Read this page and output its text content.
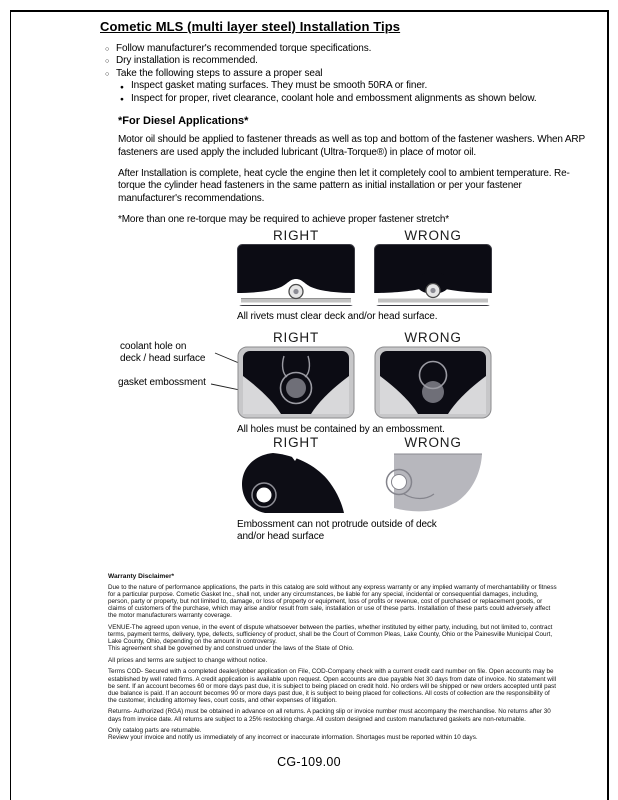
Cometic MLS (multi layer steel) Installation Tips
○ Follow manufacturer's recommended torque specifications.
○ Dry installation is recommended.
○ Take the following steps to assure a proper seal
● Inspect gasket mating surfaces. They must be smooth 50RA or finer.
● Inspect for proper, rivet clearance, coolant hole and embossment alignments as shown below.
*For Diesel Applications*

Motor oil should be applied to fastener threads as well as top and bottom of the fastener washers. When ARP fasteners are used apply the included lubricant (Ultra-Torque®) in place of motor oil.

After Installation is complete, heat cycle the engine then let it completely cool to ambient temperature. Re-torque the cylinder head fasteners in the same pattern as initial installation or per your fastener manufacturer's recommendations.

*More than one re-torque may be required to achieve proper fastener stretch*

RIGHT	WRONG
All rivets must clear deck and/or head surface.
RIGHT	WRONG
coolant hole on
deck / head surface
gasket embossment
All holes must be contained by an embossment.
RIGHT	WRONG
Embossment can not protrude outside of deck
and/or head surface
Warranty Disclaimer*

Due to the nature of performance applications, the parts in this catalog are sold without any express warranty or any implied warranty of merchantability or fitness for a particular purpose. Cometic Gasket Inc., shall not, under any circumstances, be liable for any special, incidental or consequential damages, including, person, party or property, but not limited to, damage, or loss of property or equipment, loss of profits or revenue, cost of purchased or replacement goods, or claims of customers of the purchase, which may arise and/or result from sale, installation or use of these parts. Installation of these parts could adversely affect the motor manufacturers warranty coverage.

VENUE-The agreed upon venue, in the event of dispute whatsoever between the parties, whether instituted by either party, including, but not limited to, contract terms, payment terms, delivery, type, defects, sufficiency of product, shall be the Court of Common Pleas, Lake County, Ohio or the Painesville Municipal Court, Lake County, Ohio, depending on the amount in controversy.

This agreement shall be governed by and construed under the laws of the State of Ohio.

All prices and terms are subject to change without notice.

Terms COD- Secured with a completed dealer/jobber application on File, COD-Company check with a current credit card number on file. Open accounts may be established by well rated firms. A credit application is available upon request. Open accounts are due payable Net 30 days from date of invoice. No statement will be sent. If an account becomes 60 or more days past due, it is subject to being placed on credit hold. No orders will be shipped or new orders accepted until past due balance is paid. If an account becomes 90 or more days past due, it is subject to being placed for collections. All costs of collection are the responsibility of the customer, including attorney fees, court costs, and other expenses of litigation.

Returns- Authorized (RGA) must be obtained in advance on all returns. A packing slip or invoice number must accompany the merchandise. No returns after 30 days from invoice date. All returns are subject to a 25% restocking charge. All custom designed and custom manufactured gaskets are non-returnable.

Only catalog parts are returnable.

Review your invoice and notify us immediately of any incorrect or inaccurate information. Shortages must be reported within 10 days.

CG-109.00
